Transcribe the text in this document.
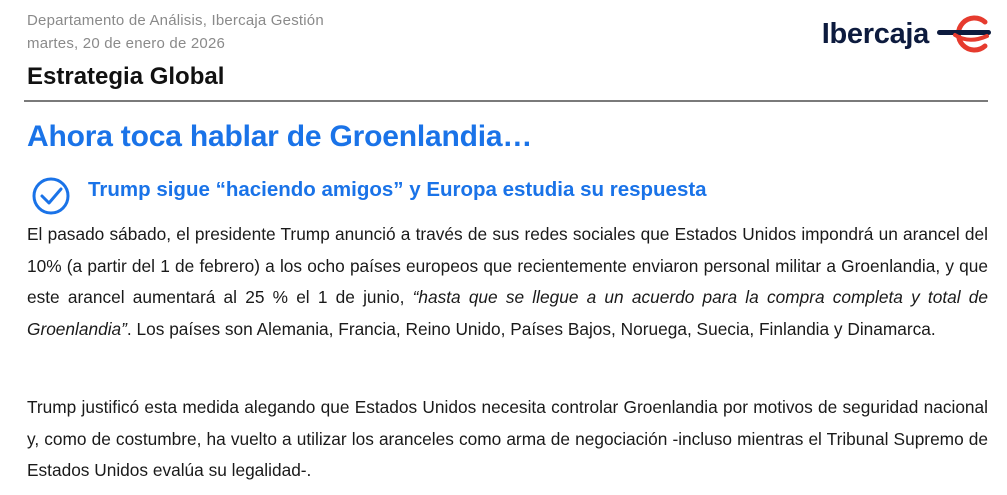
Departamento de Análisis, Ibercaja Gestión
martes, 20 de enero de 2026
Estrategia Global
Ibercaja
Ahora toca hablar de Groenlandia…
Trump sigue “haciendo amigos” y Europa estudia su respuesta

El pasado sábado, el presidente Trump anunció a través de sus redes sociales que Estados Unidos impondrá un arancel del 10% (a partir del 1 de febrero) a los ocho países europeos que recientemente enviaron personal militar a Groenlandia, y que este arancel aumentará al 25 % el 1 de junio, “hasta que se llegue a un acuerdo para la compra completa y total de Groenlandia”. Los países son Alemania, Francia, Reino Unido, Países Bajos, Noruega, Suecia, Finlandia y Dinamarca.

Trump justificó esta medida alegando que Estados Unidos necesita controlar Groenlandia por motivos de seguridad nacional y, como de costumbre, ha vuelto a utilizar los aranceles como arma de negociación -incluso mientras el Tribunal Supremo de Estados Unidos evalúa su legalidad-.
